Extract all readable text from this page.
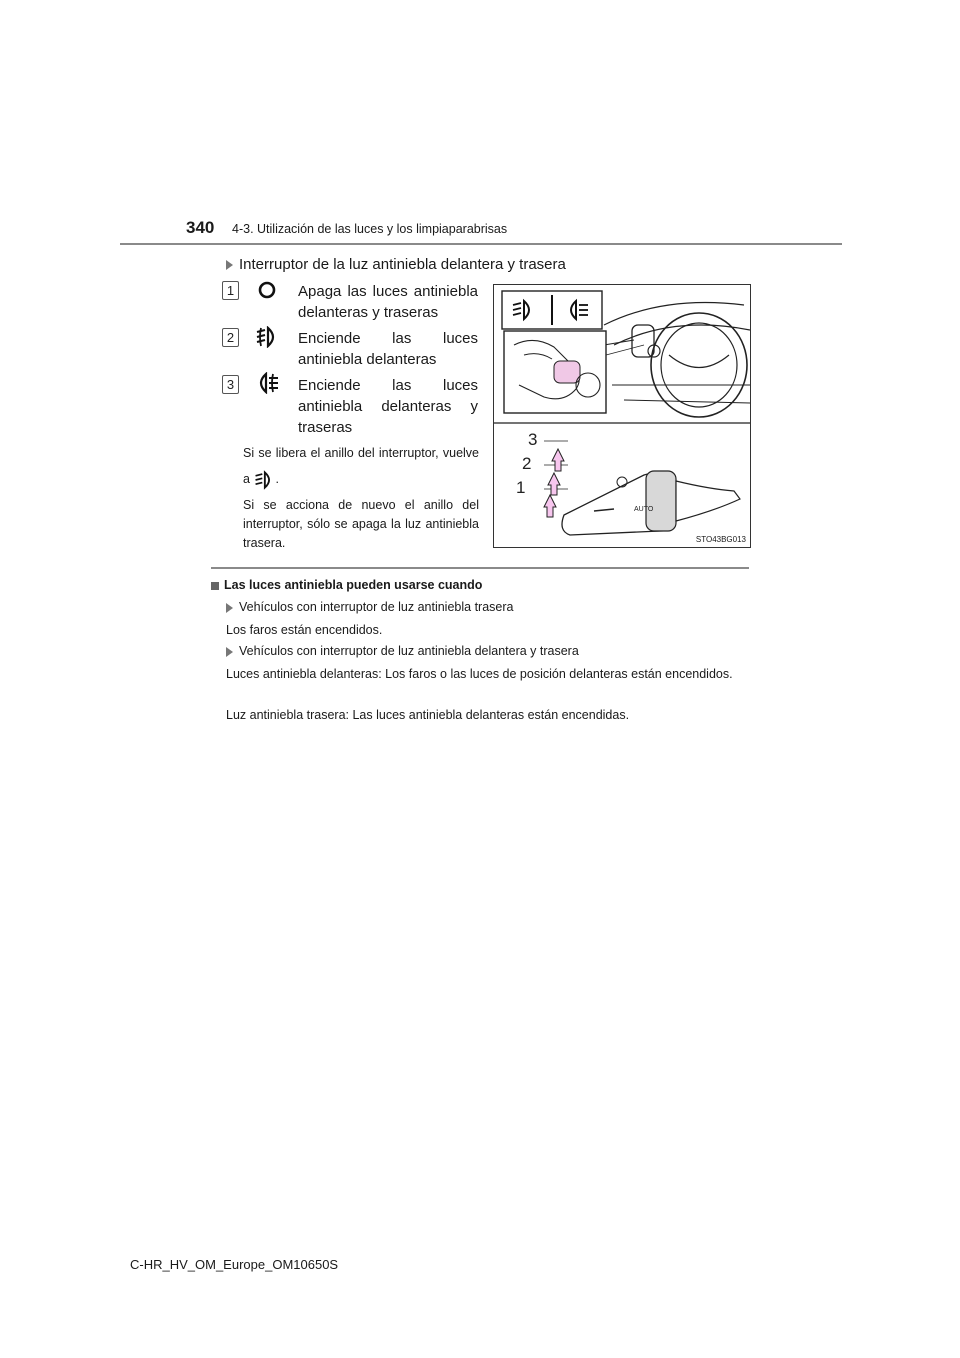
340 4-3. Utilización de las luces y los limpiaparabrisas
Interruptor de la luz antiniebla delantera y trasera
1	Apaga las luces antiniebla delanteras y traseras
2	Enciende las luces antiniebla delanteras
3	Enciende las luces antiniebla delanteras y traseras
Si se libera el anillo del interruptor, vuelve a .
Si se acciona de nuevo el anillo del interruptor, sólo se apaga la luz antiniebla trasera.
AUTO
3
2
1
STO43BG013
Las luces antiniebla pueden usarse cuando
Vehículos con interruptor de luz antiniebla trasera
Los faros están encendidos.
Vehículos con interruptor de luz antiniebla delantera y trasera
Luces antiniebla delanteras: Los faros o las luces de posición delanteras están encendidos.
Luz antiniebla trasera: Las luces antiniebla delanteras están encendidas.
C-HR_HV_OM_Europe_OM10650S
